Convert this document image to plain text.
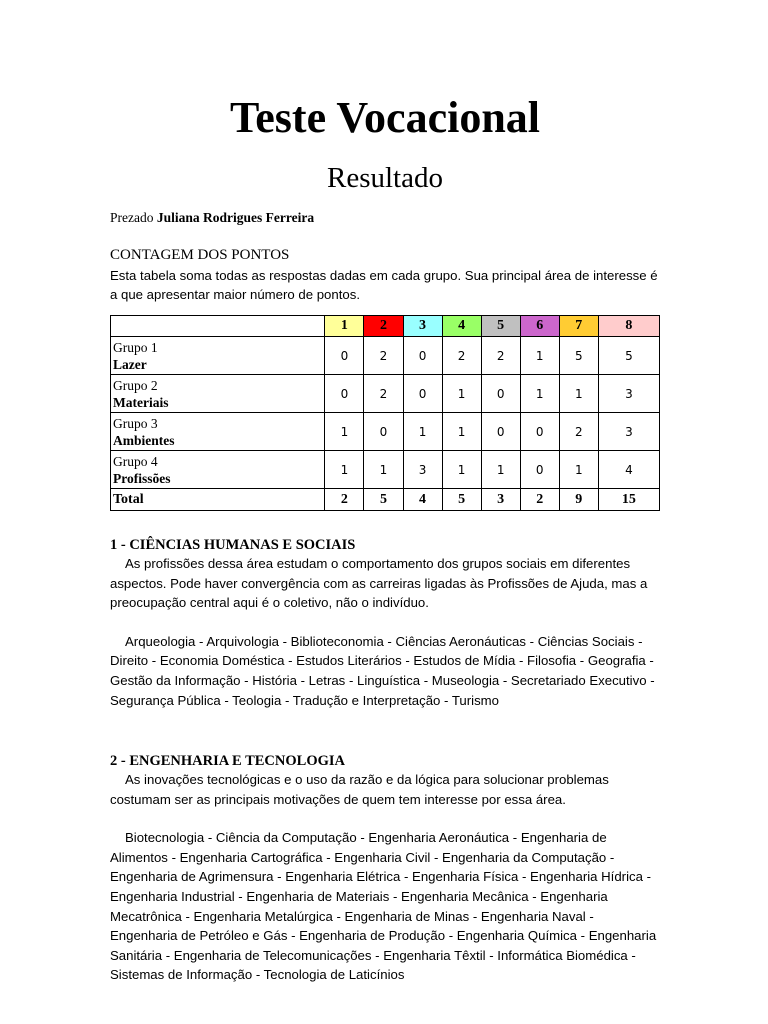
Teste Vocacional
Resultado
Prezado Juliana Rodrigues Ferreira
CONTAGEM DOS PONTOS

Esta tabela soma todas as respostas dadas em cada grupo. Sua principal área de interesse é a que apresentar maior número de pontos.

	1	2	3	4	5	6	7	8

Grupo 1
Lazer	0	2	0	2	2	1	5	5

Grupo 2
Materiais	0	2	0	1	0	1	1	3

Grupo 3
Ambientes	1	0	1	1	0	0	2	3

Grupo 4
Profissões	1	1	3	1	1	0	1	4
Total	2	5	4	5	3	2	9	15
1 - CIÊNCIAS HUMANAS E SOCIAIS

As profissões dessa área estudam o comportamento dos grupos sociais em diferentes aspectos. Pode haver convergência com as carreiras ligadas às Profissões de Ajuda, mas a preocupação central aqui é o coletivo, não o indivíduo.

Arqueologia - Arquivologia - Biblioteconomia - Ciências Aeronáuticas - Ciências Sociais - Direito - Economia Doméstica - Estudos Literários - Estudos de Mídia - Filosofia - Geografia - Gestão da Informação - História - Letras - Linguística - Museologia - Secretariado Executivo - Segurança Pública - Teologia - Tradução e Interpretação - Turismo

2 - ENGENHARIA E TECNOLOGIA

As inovações tecnológicas e o uso da razão e da lógica para solucionar problemas costumam ser as principais motivações de quem tem interesse por essa área.

Biotecnologia - Ciência da Computação - Engenharia Aeronáutica - Engenharia de Alimentos - Engenharia Cartográfica - Engenharia Civil - Engenharia da Computação - Engenharia de Agrimensura - Engenharia Elétrica - Engenharia Física - Engenharia Hídrica - Engenharia Industrial - Engenharia de Materiais - Engenharia Mecânica - Engenharia Mecatrônica - Engenharia Metalúrgica - Engenharia de Minas - Engenharia Naval - Engenharia de Petróleo e Gás - Engenharia de Produção - Engenharia Química - Engenharia Sanitária - Engenharia de Telecomunicações - Engenharia Têxtil - Informática Biomédica - Sistemas de Informação - Tecnologia de Laticínios
